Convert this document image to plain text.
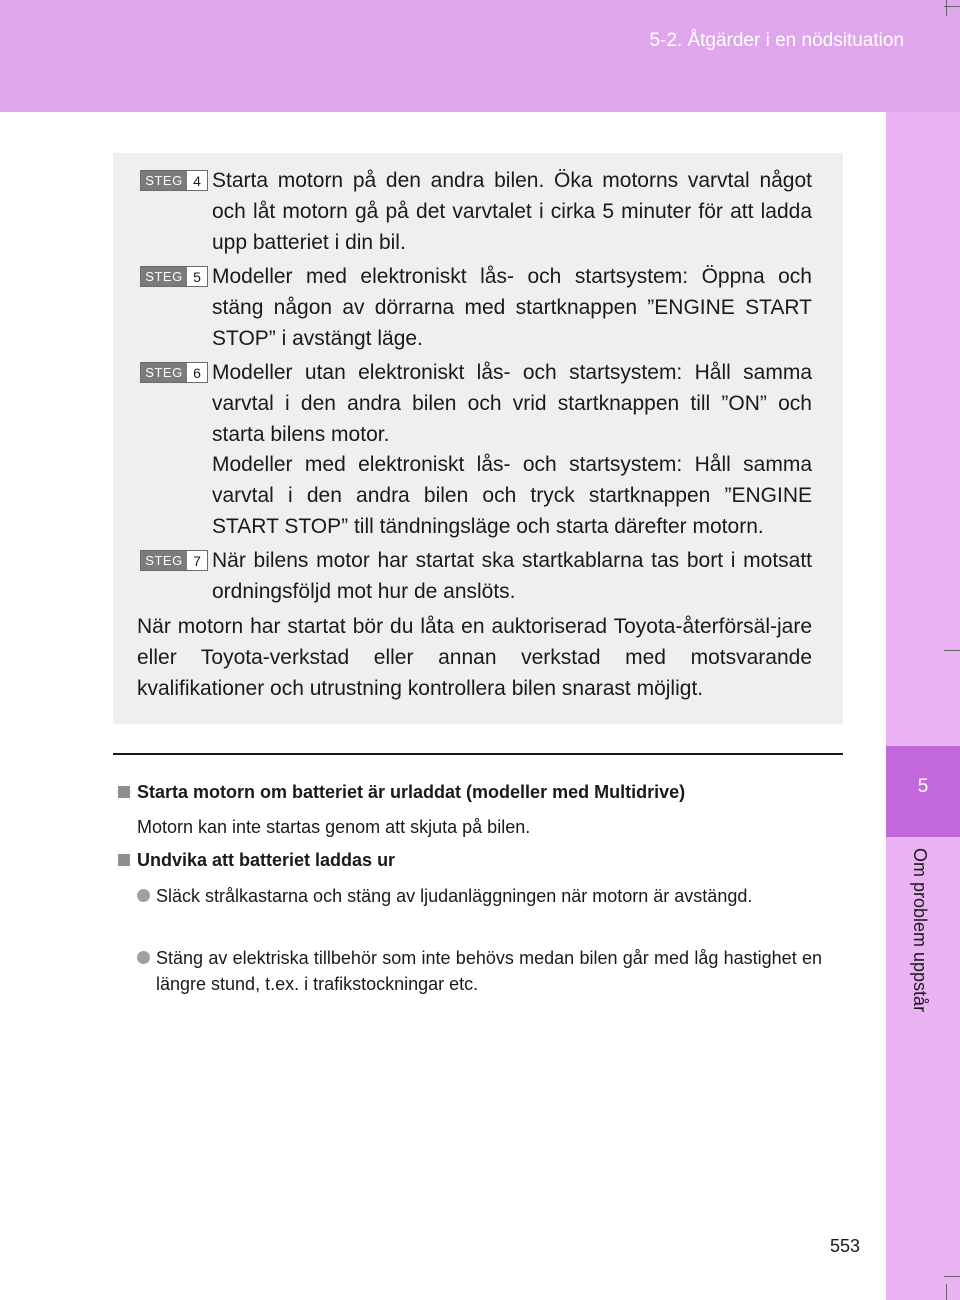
5-2. Åtgärder i en nödsituation
5
Om problem uppstår
STEG 4 Starta motorn på den andra bilen. Öka motorns varvtal något och låt motorn gå på det varvtalet i cirka 5 minuter för att ladda upp batteriet i din bil.
STEG 5 Modeller med elektroniskt lås- och startsystem: Öppna och stäng någon av dörrarna med startknappen ”ENGINE START STOP” i avstängt läge.
STEG 6 Modeller utan elektroniskt lås- och startsystem: Håll samma varvtal i den andra bilen och vrid startknappen till ”ON” och starta bilens motor.
Modeller med elektroniskt lås- och startsystem: Håll samma varvtal i den andra bilen och tryck startknappen ”ENGINE START STOP” till tändningsläge och starta därefter motorn.
STEG 7 När bilens motor har startat ska startkablarna tas bort i motsatt ordningsföljd mot hur de anslöts.
När motorn har startat bör du låta en auktoriserad Toyota-återförsäl-jare eller Toyota-verkstad eller annan verkstad med motsvarande kvalifikationer och utrustning kontrollera bilen snarast möjligt.
Starta motorn om batteriet är urladdat (modeller med Multidrive)
Motorn kan inte startas genom att skjuta på bilen.
Undvika att batteriet laddas ur
Släck strålkastarna och stäng av ljudanläggningen när motorn är avstängd.
Stäng av elektriska tillbehör som inte behövs medan bilen går med låg hastighet en längre stund, t.ex. i trafikstockningar etc.
553
